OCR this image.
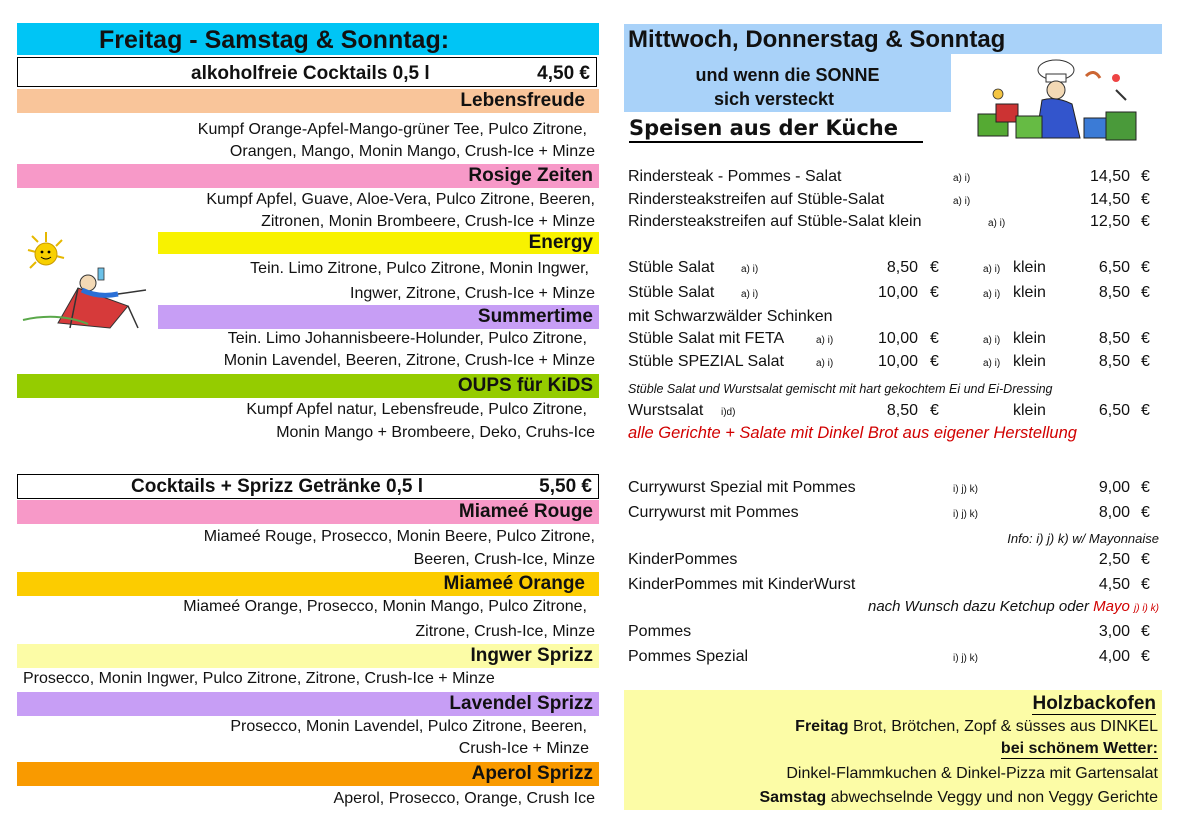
Freitag - Samstag & Sonntag:
alkoholfreie Cocktails 0,5 l	4,50 €
Lebensfreude
Kumpf Orange-Apfel-Mango-grüner Tee, Pulco Zitrone,
Orangen, Mango, Monin Mango, Crush-Ice + Minze
Rosige Zeiten
Kumpf Apfel, Guave, Aloe-Vera, Pulco Zitrone, Beeren,
Zitronen, Monin Brombeere, Crush-Ice + Minze
Energy
Tein. Limo Zitrone, Pulco Zitrone, Monin Ingwer,
Ingwer, Zitrone, Crush-Ice + Minze
Summertime
Tein. Limo Johannisbeere-Holunder, Pulco Zitrone,
Monin Lavendel, Beeren, Zitrone, Crush-Ice + Minze
OUPS für KiDS
Kumpf Apfel natur, Lebensfreude, Pulco Zitrone,
Monin Mango + Brombeere, Deko, Cruhs-Ice
Cocktails + Sprizz Getränke 0,5 l	5,50 €
Miameé Rouge
Miameé Rouge, Prosecco, Monin Beere, Pulco Zitrone,
Beeren, Crush-Ice, Minze
Miameé Orange
Miameé Orange, Prosecco, Monin Mango, Pulco Zitrone,
Zitrone, Crush-Ice, Minze
Ingwer Sprizz
Prosecco, Monin Ingwer, Pulco Zitrone, Zitrone, Crush-Ice + Minze
Lavendel Sprizz
Prosecco, Monin Lavendel, Pulco Zitrone, Beeren,
Crush-Ice + Minze
Aperol Sprizz
Aperol, Prosecco, Orange, Crush Ice
Mittwoch, Donnerstag & Sonntag
und wenn die SONNE
sich versteckt
Speisen aus der Küche
Rindersteak - Pommes - Salat	a) i)	14,50 €
Rindersteakstreifen auf Stüble-Salat	a) i)	14,50 €
Rindersteakstreifen auf Stüble-Salat klein	a) i)	12,50 €
Stüble Salat	a) i)	8,50 €	a) i) klein	6,50 €
Stüble Salat	a) i)	10,00 €	a) i) klein	8,50 €
mit Schwarzwälder Schinken
Stüble Salat mit FETA	a) i)	10,00 €	a) i) klein	8,50 €
Stüble SPEZIAL Salat	a) i)	10,00 €	a) i) klein	8,50 €
Stüble Salat und Wurstsalat gemischt mit hart gekochtem Ei und Ei-Dressing
Wurstsalat i)d)	8,50 €	klein	6,50 €
alle Gerichte + Salate mit Dinkel Brot aus eigener Herstellung
Currywurst Spezial mit Pommes	i) j) k)	9,00 €
Currywurst mit Pommes	i) j) k)	8,00 €
Info: i) j) k) w/ Mayonnaise
KinderPommes	2,50 €
KinderPommes mit KinderWurst	4,50 €
nach Wunsch dazu Ketchup oder Mayo j) i) k)
Pommes	3,00 €
Pommes Spezial	i) j) k)	4,00 €
Holzbackofen
Freitag Brot, Brötchen, Zopf & süsses aus DINKEL
bei schönem Wetter:
Dinkel-Flammkuchen & Dinkel-Pizza mit Gartensalat
Samstag abwechselnde Veggy und non Veggy Gerichte
